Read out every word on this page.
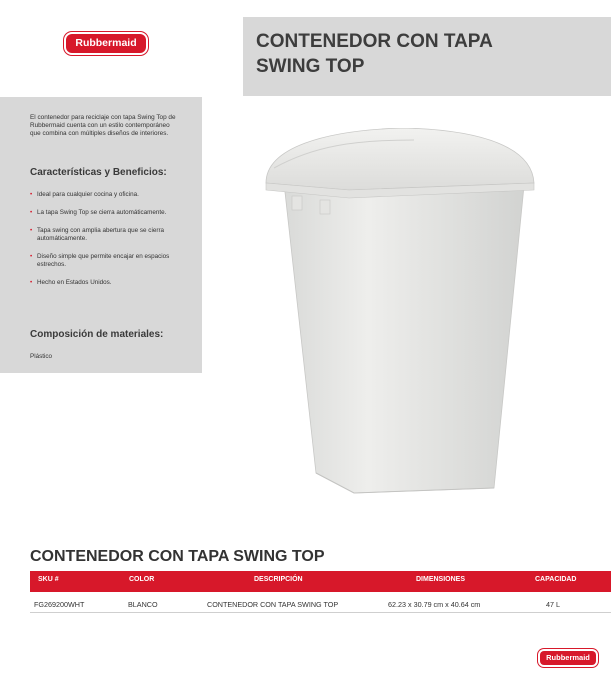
Rubbermaid
El contenedor para reciclaje con tapa Swing Top de Rubbermaid cuenta con un estilo contemporáneo que combina con múltiples diseños de interiores.
Características y Beneficios:
• Ideal para cualquier cocina y oficina.
• La tapa Swing Top se cierra automáticamente.
• Tapa swing con amplia abertura que se cierra automáticamente.
• Diseño simple que permite encajar en espacios estrechos.
• Hecho en Estados Unidos.
Composición de materiales:
Plástico
CONTENEDOR CON TAPA
SWING TOP
CONTENEDOR CON TAPA SWING TOP
SKU #	COLOR	DESCRIPCIÓN	DIMENSIONES	CAPACIDAD
FG269200WHT	BLANCO	CONTENEDOR CON TAPA SWING TOP	62.23 x 30.79 cm x 40.64 cm	47 L
Rubbermaid
